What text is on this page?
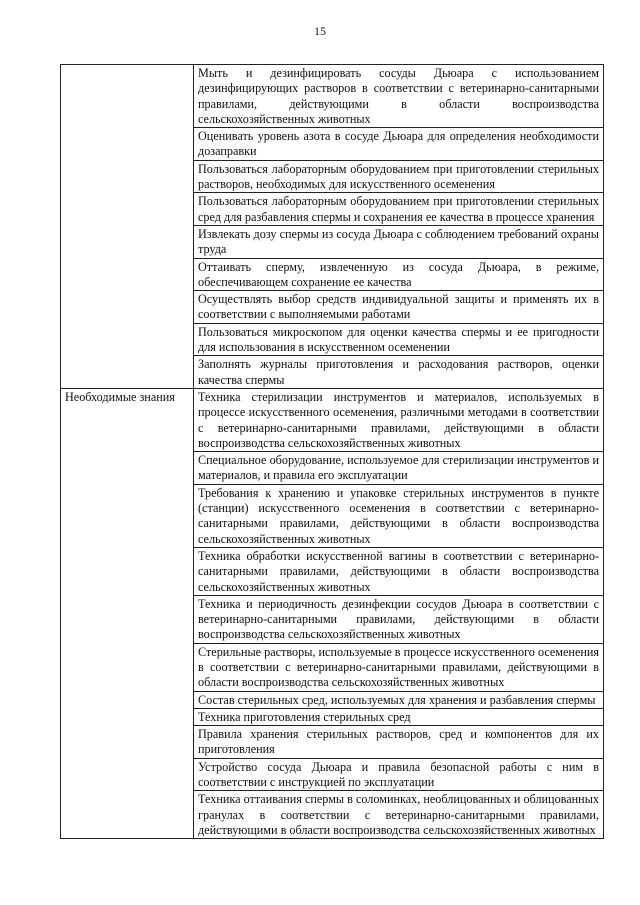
15
	Мыть и дезинфицировать сосуды Дьюара с использованием дезинфицирующих растворов в соответствии с ветеринарно-санитарными правилами, действующими в области воспроизводства сельскохозяйственных животных
	Оценивать уровень азота в сосуде Дьюара для определения необходимости дозаправки
	Пользоваться лабораторным оборудованием при приготовлении стерильных растворов, необходимых для искусственного осеменения
	Пользоваться лабораторным оборудованием при приготовлении стерильных сред для разбавления спермы и сохранения ее качества в процессе хранения
	Извлекать дозу спермы из сосуда Дьюара с соблюдением требований охраны труда
	Оттаивать сперму, извлеченную из сосуда Дьюара, в режиме, обеспечивающем сохранение ее качества
	Осуществлять выбор средств индивидуальной защиты и применять их в соответствии с выполняемыми работами
	Пользоваться микроскопом для оценки качества спермы и ее пригодности для использования в искусственном осеменении
	Заполнять журналы приготовления и расходования растворов, оценки качества спермы
Необходимые знания	Техника стерилизации инструментов и материалов, используемых в процессе искусственного осеменения, различными методами в соответствии с ветеринарно-санитарными правилами, действующими в области воспроизводства сельскохозяйственных животных
	Специальное оборудование, используемое для стерилизации инструментов и материалов, и правила его эксплуатации
	Требования к хранению и упаковке стерильных инструментов в пункте (станции) искусственного осеменения в соответствии с ветеринарно-санитарными правилами, действующими в области воспроизводства сельскохозяйственных животных
	Техника обработки искусственной вагины в соответствии с ветеринарно-санитарными правилами, действующими в области воспроизводства сельскохозяйственных животных
	Техника и периодичность дезинфекции сосудов Дьюара в соответствии с ветеринарно-санитарными правилами, действующими в области воспроизводства сельскохозяйственных животных
	Стерильные растворы, используемые в процессе искусственного осеменения в соответствии с ветеринарно-санитарными правилами, действующими в области воспроизводства сельскохозяйственных животных
	Состав стерильных сред, используемых для хранения и разбавления спермы
	Техника приготовления стерильных сред
	Правила хранения стерильных растворов, сред и компонентов для их приготовления
	Устройство сосуда Дьюара и правила безопасной работы с ним в соответствии с инструкцией по эксплуатации
	Техника оттаивания спермы в соломинках, необлицованных и облицованных гранулах в соответствии с ветеринарно-санитарными правилами, действующими в области воспроизводства сельскохозяйственных животных
